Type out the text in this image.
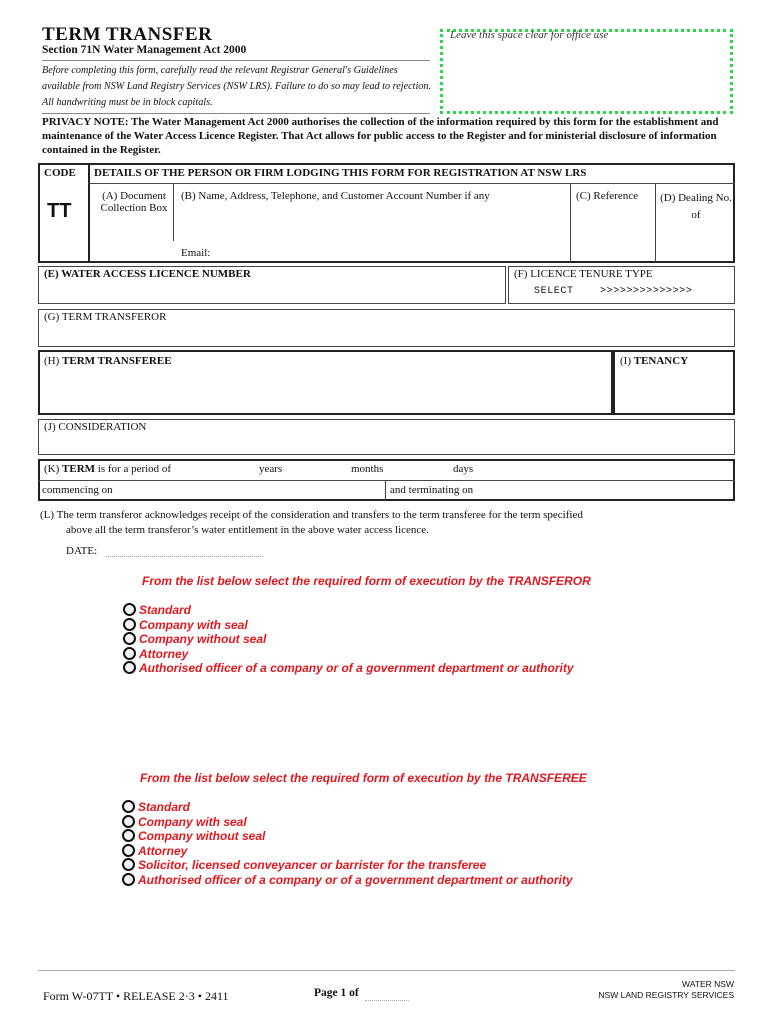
TERM TRANSFER
Section 71N Water Management Act 2000
Before completing this form, carefully read the relevant Registrar General's Guidelines available from NSW Land Registry Services (NSW LRS). Failure to do so may lead to rejection. All handwriting must be in block capitals.
Leave this space clear for office use
PRIVACY NOTE: The Water Management Act 2000 authorises the collection of the information required by this form for the establishment and maintenance of the Water Access Licence Register. That Act allows for public access to the Register and for ministerial disclosure of information contained in the Register.
CODE
TT
DETAILS OF THE PERSON OR FIRM LODGING THIS FORM FOR REGISTRATION AT NSW LRS
(A) Document Collection Box
(B) Name, Address, Telephone, and Customer Account Number if any	(C) Reference (D) Dealing No. of
Email:
(E) WATER ACCESS LICENCE NUMBER	(F) LICENCE TENURE TYPE
SELECT    >>>>>>>>>>>>>>
(G) TERM TRANSFEROR
(H) TERM TRANSFEREE	(I) TENANCY
(J) CONSIDERATION
(K) TERM is for a period of	years	months	days
commencing on	and terminating on
(L) The term transferor acknowledges receipt of the consideration and transfers to the term transferee for the term specified
above all the term transferor’s water entitlement in the above water access licence.
DATE:
From the list below select the required form of execution by the TRANSFEROR
Standard
Company with seal
Company without seal
Attorney
Authorised officer of a company or of a government department or authority
From the list below select the required form of execution by the TRANSFEREE
Standard
Company with seal
Company without seal
Attorney
Solicitor, licensed conveyancer or barrister for the transferee
Authorised officer of a company or of a government department or authority
Form W-07TT • RELEASE 2·3 • 2411	Page 1 of
WATER NSW
NSW LAND REGISTRY SERVICES
